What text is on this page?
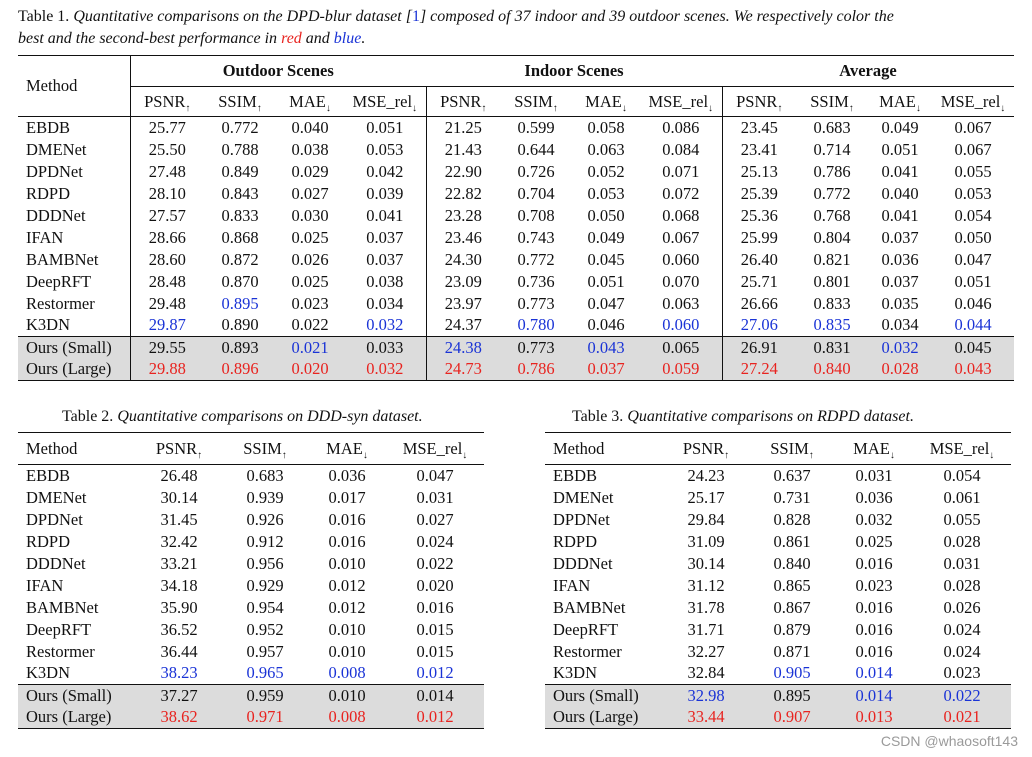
Table 1. Quantitative comparisons on the DPD-blur dataset [1] composed of 37 indoor and 39 outdoor scenes. We respectively color the
best and the second-best performance in red and blue.
Method	Outdoor Scenes				Indoor Scenes				Average			
	$PSNR_↑$	$SSIM_↑$	$MAE_↓$	MSE_rel$_↓$	$PSNR_↑$	$SSIM_↑$	$MAE_↓$	MSE_rel$_↓$	$PSNR_↑$	$SSIM_↑$	$MAE_↓$	MSE_rel$_↓$
EBDB	25.77	0.772	0.040	0.051	21.25	0.599	0.058	0.086	23.45	0.683	0.049	0.067
DMENet	25.50	0.788	0.038	0.053	21.43	0.644	0.063	0.084	23.41	0.714	0.051	0.067
DPDNet	27.48	0.849	0.029	0.042	22.90	0.726	0.052	0.071	25.13	0.786	0.041	0.055
RDPD	28.10	0.843	0.027	0.039	22.82	0.704	0.053	0.072	25.39	0.772	0.040	0.053
DDDNet	27.57	0.833	0.030	0.041	23.28	0.708	0.050	0.068	25.36	0.768	0.041	0.054
IFAN	28.66	0.868	0.025	0.037	23.46	0.743	0.049	0.067	25.99	0.804	0.037	0.050
BAMBNet	28.60	0.872	0.026	0.037	24.30	0.772	0.045	0.060	26.40	0.821	0.036	0.047
DeepRFT	28.48	0.870	0.025	0.038	23.09	0.736	0.051	0.070	25.71	0.801	0.037	0.051
Restormer	29.48	0.895	0.023	0.034	23.97	0.773	0.047	0.063	26.66	0.833	0.035	0.046
K3DN	29.87	0.890	0.022	0.032	24.37	0.780	0.046	0.060	27.06	0.835	0.034	0.044
Ours (Small)	29.55	0.893	0.021	0.033	24.38	0.773	0.043	0.065	26.91	0.831	0.032	0.045
Ours (Large)	29.88	0.896	0.020	0.032	24.73	0.786	0.037	0.059	27.24	0.840	0.028	0.043
Table 2. Quantitative comparisons on DDD-syn dataset.
Method	$PSNR_↑$	$SSIM_↑$	$MAE_↓$	MSE_rel$_↓$
EBDB	26.48	0.683	0.036	0.047
DMENet	30.14	0.939	0.017	0.031
DPDNet	31.45	0.926	0.016	0.027
RDPD	32.42	0.912	0.016	0.024
DDDNet	33.21	0.956	0.010	0.022
IFAN	34.18	0.929	0.012	0.020
BAMBNet	35.90	0.954	0.012	0.016
DeepRFT	36.52	0.952	0.010	0.015
Restormer	36.44	0.957	0.010	0.015
K3DN	38.23	0.965	0.008	0.012
Ours (Small)	37.27	0.959	0.010	0.014
Ours (Large)	38.62	0.971	0.008	0.012
Table 3. Quantitative comparisons on RDPD dataset.
Method	$PSNR_↑$	$SSIM_↑$	$MAE_↓$	MSE_rel$_↓$
EBDB	24.23	0.637	0.031	0.054
DMENet	25.17	0.731	0.036	0.061
DPDNet	29.84	0.828	0.032	0.055
RDPD	31.09	0.861	0.025	0.028
DDDNet	30.14	0.840	0.016	0.031
IFAN	31.12	0.865	0.023	0.028
BAMBNet	31.78	0.867	0.016	0.026
DeepRFT	31.71	0.879	0.016	0.024
Restormer	32.27	0.871	0.016	0.024
K3DN	32.84	0.905	0.014	0.023
Ours (Small)	32.98	0.895	0.014	0.022
Ours (Large)	33.44	0.907	0.013	0.021
CSDN @whaosoft143
